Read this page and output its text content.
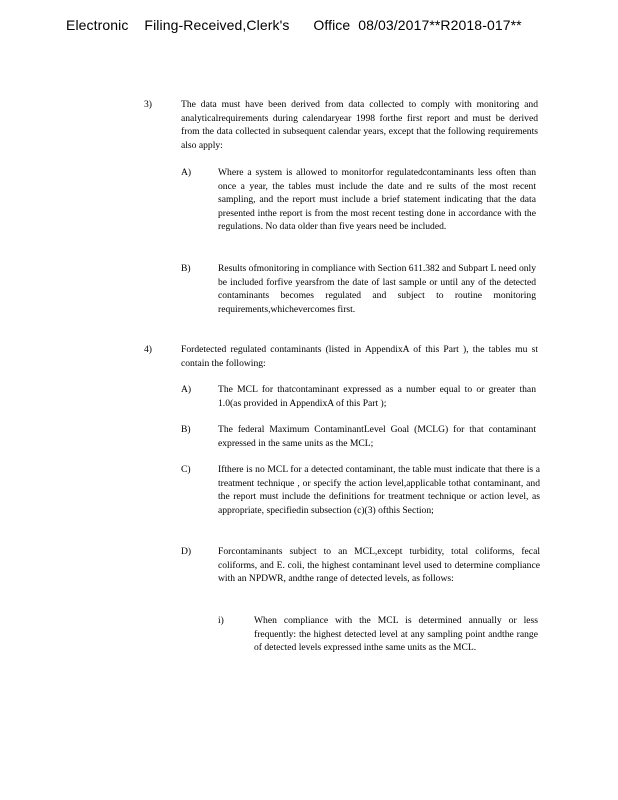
Electronic    Filing-Received,Clerk's      Office  08/03/2017**R2018-017**
3)	The data must have been derived from data collected to comply with monitoring and analyticalrequirements during calendaryear 1998 forthe first report and must be derived from the data collected in subsequent calendar years, except that the following requirements also apply:
A)	Where a system is allowed to monitorfor regulatedcontaminants less often than once a year, the tables must include the date and re sults of the most recent sampling, and the report must include a brief statement indicating that the data presented inthe report is from the most recent testing done in accordance with the regulations. No data older than five years need be included.
B)	Results ofmonitoring in compliance with Section 611.382 and Subpart L need only be included forfive yearsfrom the date of last sample or until any of the detected contaminants becomes regulated and subject to routine monitoring requirements,whichevercomes first.
4)	Fordetected regulated contaminants (listed in AppendixA of this Part ), the tables mu st contain the following:
A)	The MCL for thatcontaminant expressed as a number equal to or greater than 1.0(as provided in AppendixA of this Part );
B)	The federal Maximum ContaminantLevel Goal (MCLG) for that contaminant expressed in the same units as the MCL;
C)	Ifthere is no MCL for a detected contaminant, the table must indicate that there is a treatment technique , or specify the action level,applicable tothat contaminant, and the report must include the definitions for treatment technique or action level, as appropriate, specifiedin subsection (c)(3) ofthis Section;
D)	Forcontaminants subject to an MCL,except turbidity, total coliforms, fecal coliforms, and E. coli, the highest contaminant level used to determine compliance with an NPDWR, andthe range of detected levels, as follows:
i)	When compliance with the MCL is determined annually or less frequently: the highest detected level at any sampling point andthe range of detected levels expressed inthe same units as the MCL.
